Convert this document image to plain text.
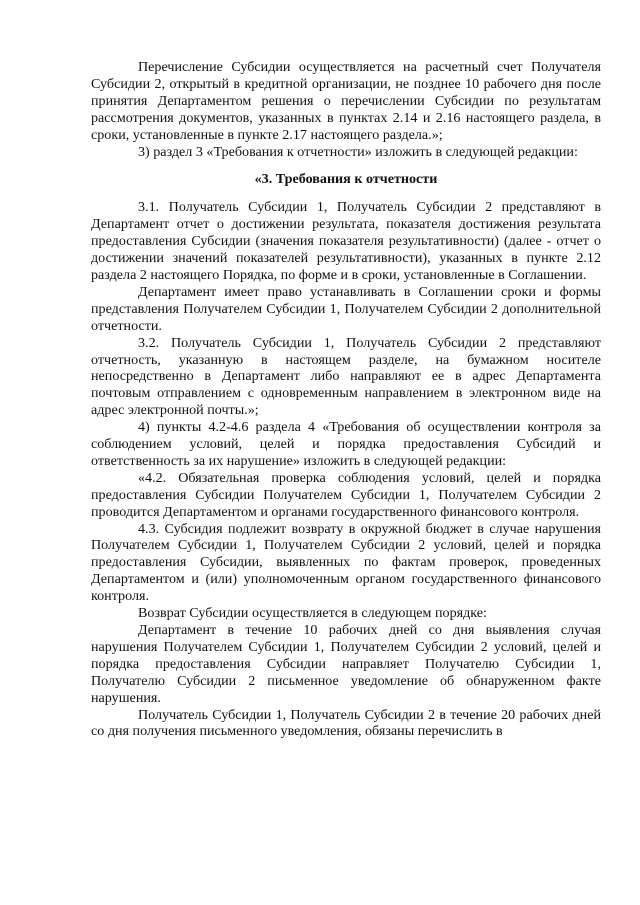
Перечисление Субсидии осуществляется на расчетный счет Получателя Субсидии 2, открытый в кредитной организации, не позднее 10 рабочего дня после принятия Департаментом решения о перечислении Субсидии по результатам рассмотрения документов, указанных в пунктах 2.14 и 2.16 настоящего раздела, в сроки, установленные в пункте 2.17 настоящего раздела.»;

3) раздел 3 «Требования к отчетности» изложить в следующей редакции:

«3. Требования к отчетности

3.1. Получатель Субсидии 1, Получатель Субсидии 2 представляют в Департамент отчет о достижении результата, показателя достижения результата предоставления Субсидии (значения показателя результативности) (далее - отчет о достижении значений показателей результативности), указанных в пункте 2.12 раздела 2 настоящего Порядка, по форме и в сроки, установленные в Соглашении.

Департамент имеет право устанавливать в Соглашении сроки и формы представления Получателем Субсидии 1, Получателем Субсидии 2 дополнительной отчетности.

3.2. Получатель Субсидии 1, Получатель Субсидии 2 представляют отчетность, указанную в настоящем разделе, на бумажном носителе непосредственно в Департамент либо направляют ее в адрес Департамента почтовым отправлением с одновременным направлением в электронном виде на адрес электронной почты.»;

4) пункты 4.2-4.6 раздела 4 «Требования об осуществлении контроля за соблюдением условий, целей и порядка предоставления Субсидий и ответственность за их нарушение» изложить в следующей редакции:

«4.2. Обязательная проверка соблюдения условий, целей и порядка предоставления Субсидии Получателем Субсидии 1, Получателем Субсидии 2 проводится Департаментом и органами государственного финансового контроля.

4.3. Субсидия подлежит возврату в окружной бюджет в случае нарушения Получателем Субсидии 1, Получателем Субсидии 2 условий, целей и порядка предоставления Субсидии, выявленных по фактам проверок, проведенных Департаментом и (или) уполномоченным органом государственного финансового контроля.

Возврат Субсидии осуществляется в следующем порядке:

Департамент в течение 10 рабочих дней со дня выявления случая нарушения Получателем Субсидии 1, Получателем Субсидии 2 условий, целей и порядка предоставления Субсидии направляет Получателю Субсидии 1, Получателю Субсидии 2 письменное уведомление об обнаруженном факте нарушения.

Получатель Субсидии 1, Получатель Субсидии 2 в течение 20 рабочих дней со дня получения письменного уведомления, обязаны перечислить в
